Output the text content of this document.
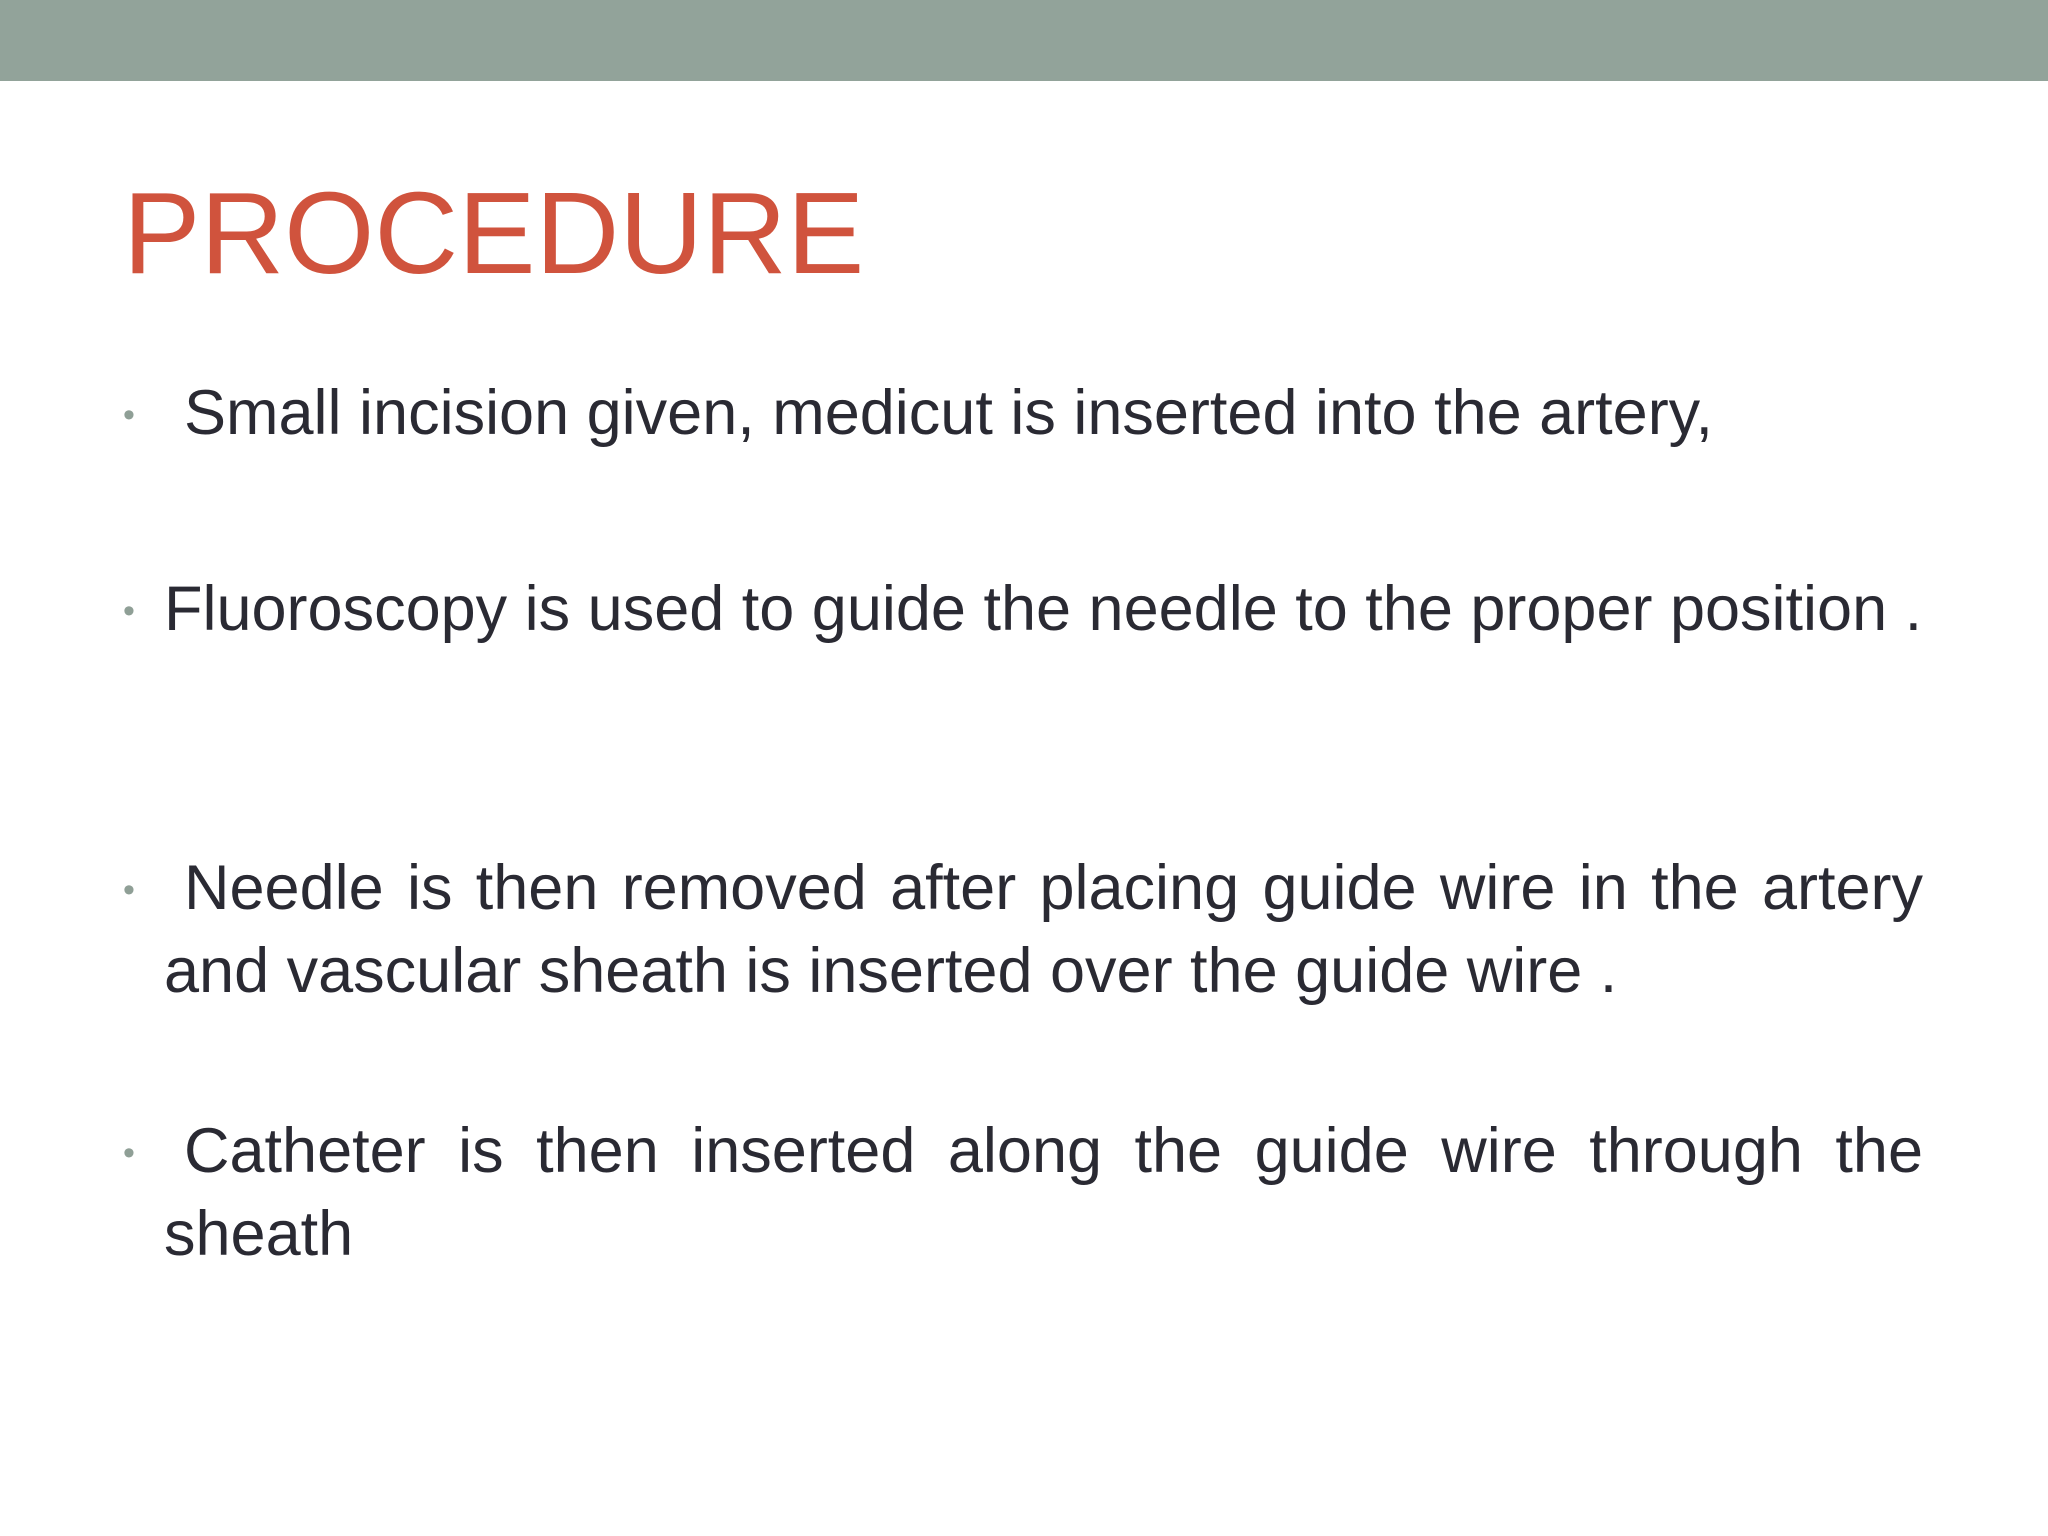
PROCEDURE
• Small incision given, medicut is inserted into the artery,
• Fluoroscopy is used to guide the needle to the proper position .
• Needle is then removed after placing guide wire in the artery and vascular sheath is inserted over the guide wire .
• Catheter is then inserted along the guide wire through the sheath
